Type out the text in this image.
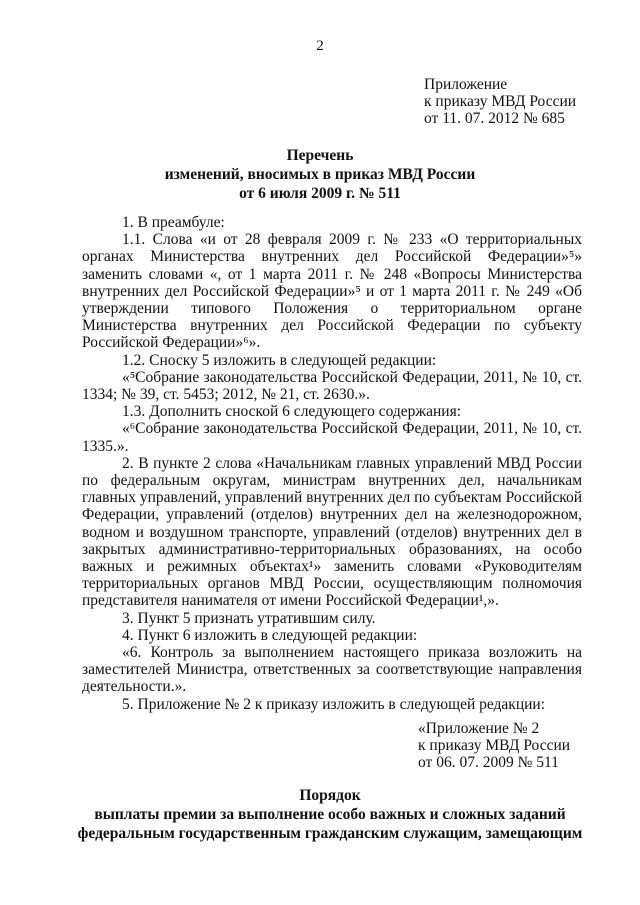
2
Приложение
к приказу МВД России
от 11. 07. 2012 № 685
Перечень
изменений, вносимых в приказ МВД России
от 6 июля 2009 г. № 511

1. В преамбуле:

1.1. Слова «и от 28 февраля 2009 г. № 233 «О территориальных органах Министерства внутренних дел Российской Федерации»⁵» заменить словами «, от 1 марта 2011 г. № 248 «Вопросы Министерства внутренних дел Российской Федерации»⁵ и от 1 марта 2011 г. № 249 «Об утверждении типового Положения о территориальном органе Министерства внутренних дел Российской Федерации по субъекту Российской Федерации»⁶».

1.2. Сноску 5 изложить в следующей редакции:

«⁵Собрание законодательства Российской Федерации, 2011, № 10, ст. 1334; № 39, ст. 5453; 2012, № 21, ст. 2630.».

1.3. Дополнить сноской 6 следующего содержания:

«⁶Собрание законодательства Российской Федерации, 2011, № 10, ст. 1335.».

2. В пункте 2 слова «Начальникам главных управлений МВД России по федеральным округам, министрам внутренних дел, начальникам главных управлений, управлений внутренних дел по субъектам Российской Федерации, управлений (отделов) внутренних дел на железнодорожном, водном и воздушном транспорте, управлений (отделов) внутренних дел в закрытых административно-территориальных образованиях, на особо важных и режимных объектах¹» заменить словами «Руководителям территориальных органов МВД России, осуществляющим полномочия представителя нанимателя от имени Российской Федерации¹,».

3. Пункт 5 признать утратившим силу.

4. Пункт 6 изложить в следующей редакции:

«6. Контроль за выполнением настоящего приказа возложить на заместителей Министра, ответственных за соответствующие направления деятельности.».

5. Приложение № 2 к приказу изложить в следующей редакции:

«Приложение № 2
к приказу МВД России
от 06. 07. 2009 № 511
Порядок
выплаты премии за выполнение особо важных и сложных заданий
федеральным государственным гражданским служащим, замещающим
